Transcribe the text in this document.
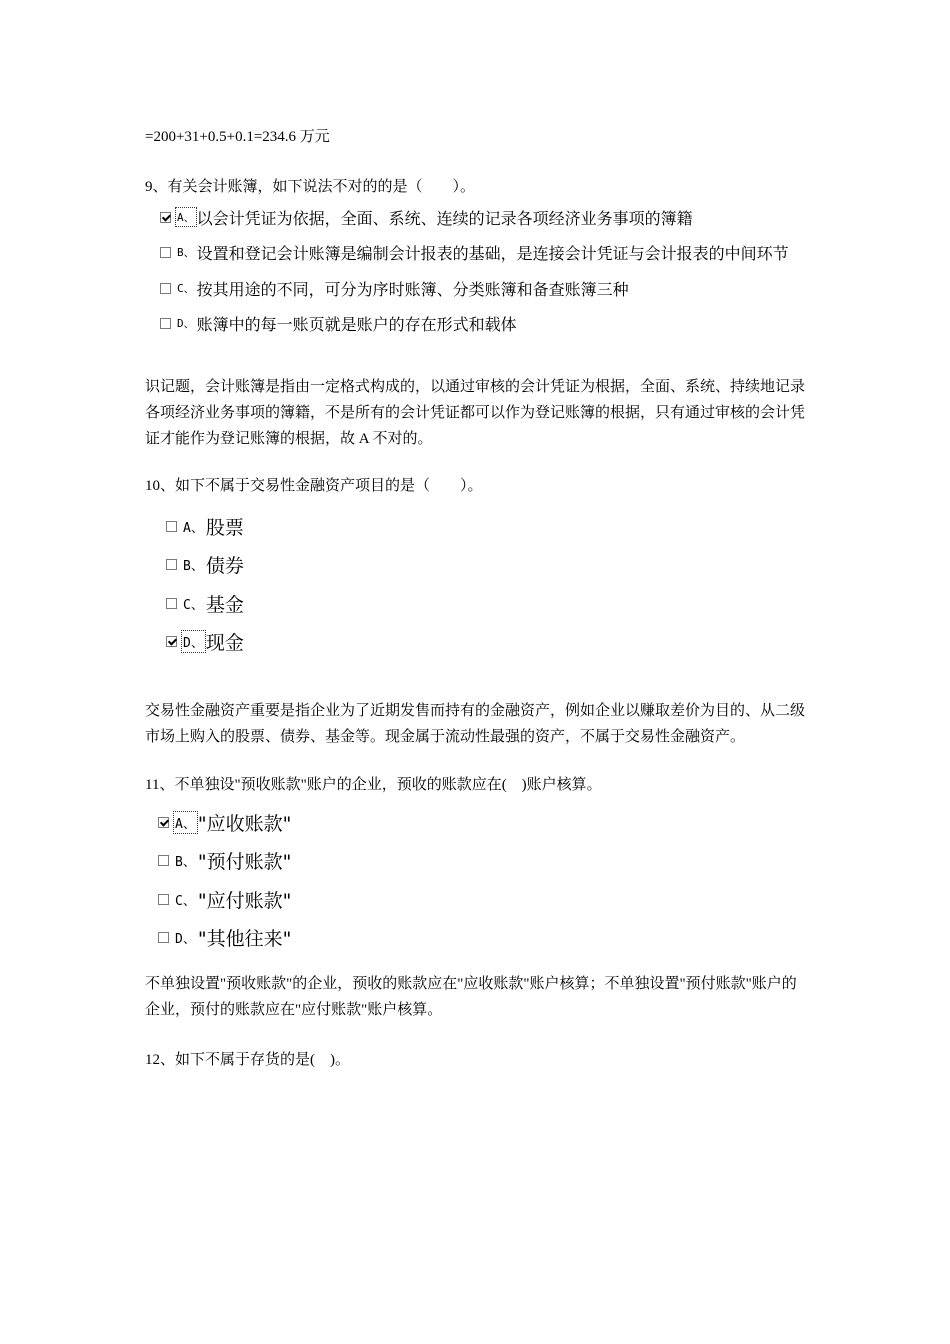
=200+31+0.5+0.1=234.6 万元
9、有关会计账簿，如下说法不对的的是（　　）。
A、 以会计凭证为依据，全面、系统、连续的记录各项经济业务事项的簿籍
B、 设置和登记会计账簿是编制会计报表的基础，是连接会计凭证与会计报表的中间环节
C、 按其用途的不同，可分为序时账簿、分类账簿和备查账簿三种
D、 账簿中的每一账页就是账户的存在形式和载体
识记题，会计账簿是指由一定格式构成的，以通过审核的会计凭证为根据，全面、系统、持续地记录各项经济业务事项的簿籍，不是所有的会计凭证都可以作为登记账簿的根据，只有通过审核的会计凭证才能作为登记账簿的根据，故 A 不对的。
10、如下不属于交易性金融资产项目的是（　　）。
A、 股票
B、 债券
C、 基金
D、 现金
交易性金融资产重要是指企业为了近期发售而持有的金融资产，例如企业以赚取差价为目的、从二级市场上购入的股票、债券、基金等。现金属于流动性最强的资产，不属于交易性金融资产。
11、不单独设"预收账款"账户的企业，预收的账款应在(　)账户核算。
A、 "应收账款"
B、 "预付账款"
C、 "应付账款"
D、 "其他往来"
不单独设置"预收账款"的企业，预收的账款应在"应收账款"账户核算；不单独设置"预付账款"账户的企业，预付的账款应在"应付账款"账户核算。
12、如下不属于存货的是(　)。
